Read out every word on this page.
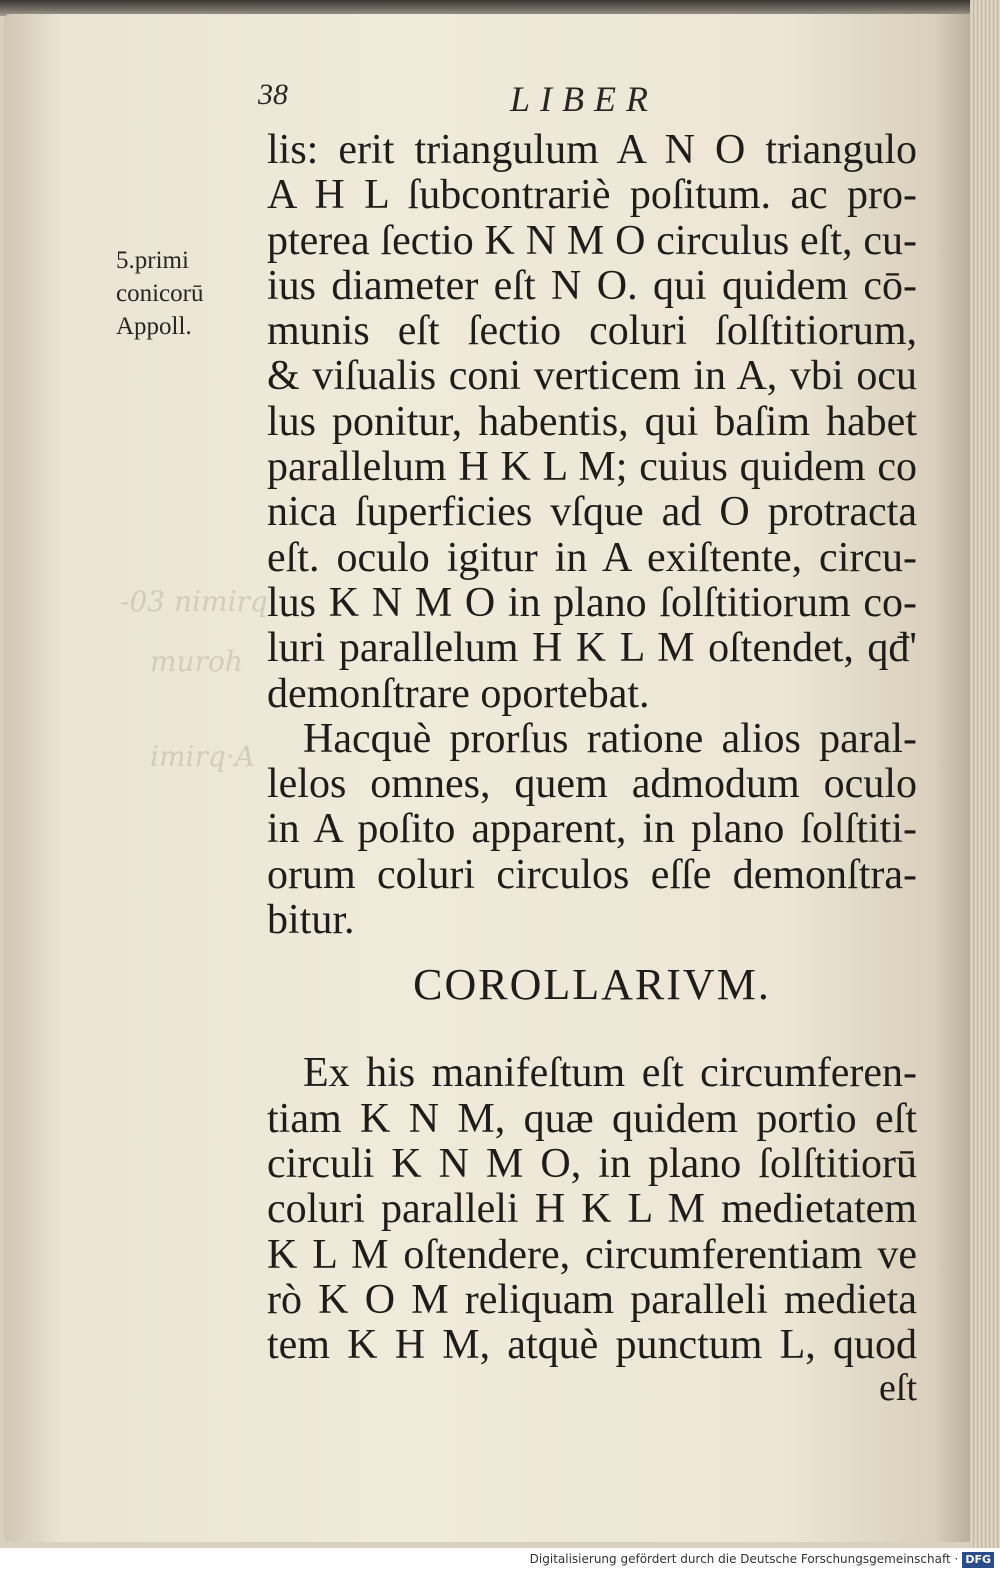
-03 nimirq
muroh
imirq·A
38	LIBER
5.primi
conicorū
Appoll.
lis: erit triangulum A N O triangulo
A H L ſubcontrariè poſitum. ac pro-
pterea ſectio K N M O circulus eſt, cu-
ius diameter eſt N O. qui quidem cō-
munis eſt ſectio coluri ſolſtitiorum,
& viſualis coni verticem in A, vbi ocu
lus ponitur, habentis, qui baſim habet
parallelum H K L M; cuius quidem co
nica ſuperficies vſque ad O protracta
eſt. oculo igitur in A exiſtente, circu-
lus K N M O in plano ſolſtitiorum co-
luri parallelum H K L M oſtendet, qđ'
demonſtrare oportebat.
Hacquè prorſus ratione alios paral-
lelos omnes, quem admodum oculo
in A poſito apparent, in plano ſolſtiti-
orum coluri circulos eſſe demonſtra-
bitur.
COROLLARIVM.
Ex his manifeſtum eſt circumferen-
tiam K N M, quæ quidem portio eſt
circuli K N M O, in plano ſolſtitiorū
coluri paralleli H K L M medietatem
K L M oſtendere, circumferentiam ve
rò K O M reliquam paralleli medieta
tem K H M, atquè punctum L, quod
eſt
Digitalisierung gefördert durch die Deutsche Forschungsgemeinschaft · DFG
